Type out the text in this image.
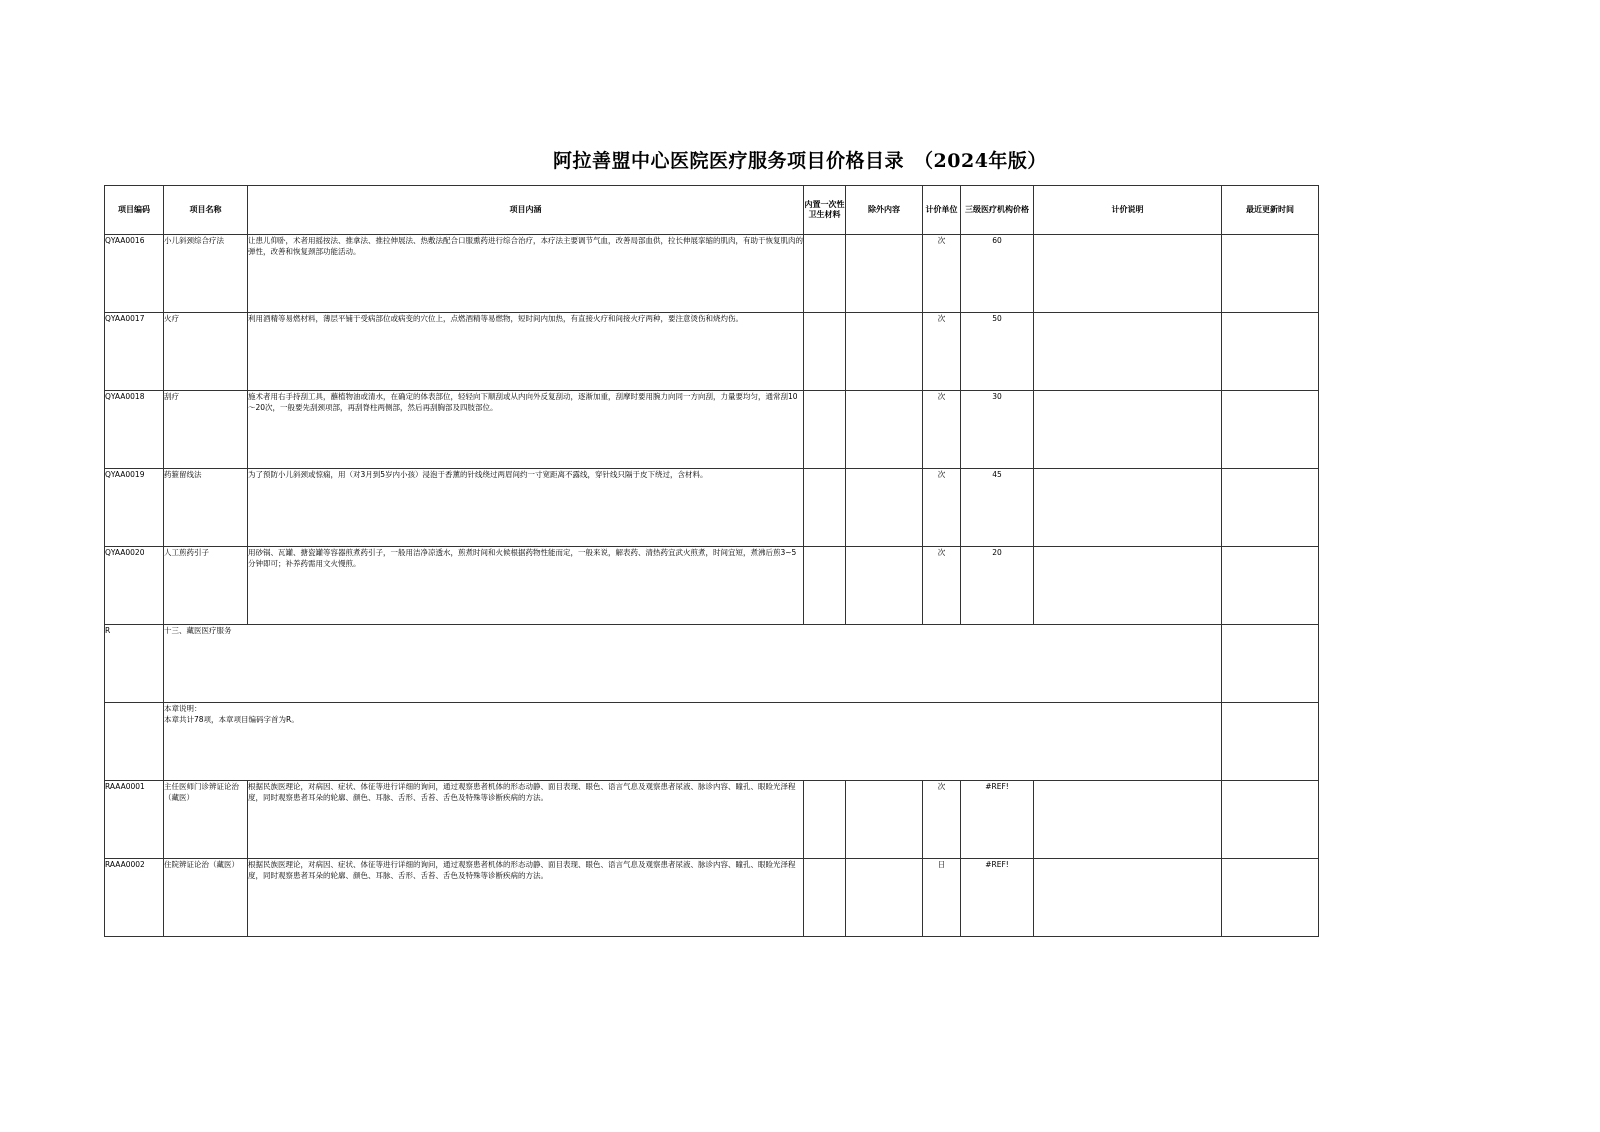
阿拉善盟中心医院医疗服务项目价格目录　（2024年版）
项目编码	项目名称	项目内涵	内置一次性卫生材料	除外内容	计价单位	三级医疗机构价格	计价说明	最近更新时间
QYAA0016	小儿斜颈综合疗法	让患儿仰卧，术者用摇按法、推拿法、推拉伸展法、热敷法配合口服熏药进行综合治疗，本疗法主要调节气血，改善局部血供，拉长伸展挛缩的肌肉，有助于恢复肌肉的弹性，改善和恢复颈部功能活动。			次	60		
QYAA0017	火疗	利用酒精等易燃材料，薄层平铺于受病部位或病变的穴位上，点燃酒精等易燃物，短时间内加热，有直接火疗和间接火疗两种，要注意烫伤和烧灼伤。			次	50		
QYAA0018	刮疗	施术者用右手持刮工具，蘸植物油或清水，在确定的体表部位，轻轻向下顺刮或从内向外反复刮动，逐渐加重，刮摩时要用腕力向同一方向刮，力量要均匀，通常刮10～20次，一般要先刮颈项部，再刮脊柱两侧部，然后再刮胸部及四肢部位。			次	30		
QYAA0019	药箍留线法	为了预防小儿斜颈或惊痫，用（对3月到5岁内小孩）浸泡于香薰的针线绕过两眉间约一寸宽距离不露线，穿针线只隔于皮下绕过，含材料。			次	45		
QYAA0020	人工煎药引子	用砂锅、瓦罐、搪瓷罐等容器煎煮药引子，一般用洁净凉透水，煎煮时间和火候根据药物性能而定，一般来说，解表药、清热药宜武火煎煮，时间宜短，煮沸后煎3~5分钟即可；补养药需用文火慢煎。			次	20		
R	十三、藏医医疗服务							

	本章说明：
本章共计78项，本章项目编码字首为R。							

RAAA0001	主任医师门诊辨证论治（藏医）	根据民族医理论，对病因、症状、体征等进行详细的询问，通过观察患者机体的形态动静、面目表现、眼色、语言气息及观察患者尿液、脉诊内容、瞳孔、眼睑光泽程度，同时观察患者耳朵的轮廓、颜色、耳脉、舌形、舌苔、舌色及特殊等诊断疾病的方法。			次	#REF!		
RAAA0002	住院辨证论治（藏医）	根据民族医理论，对病因、症状、体征等进行详细的询问，通过观察患者机体的形态动静、面目表现、眼色、语言气息及观察患者尿液、脉诊内容、瞳孔、眼睑光泽程度，同时观察患者耳朵的轮廓、颜色、耳脉、舌形、舌苔、舌色及特殊等诊断疾病的方法。			日	#REF!		
